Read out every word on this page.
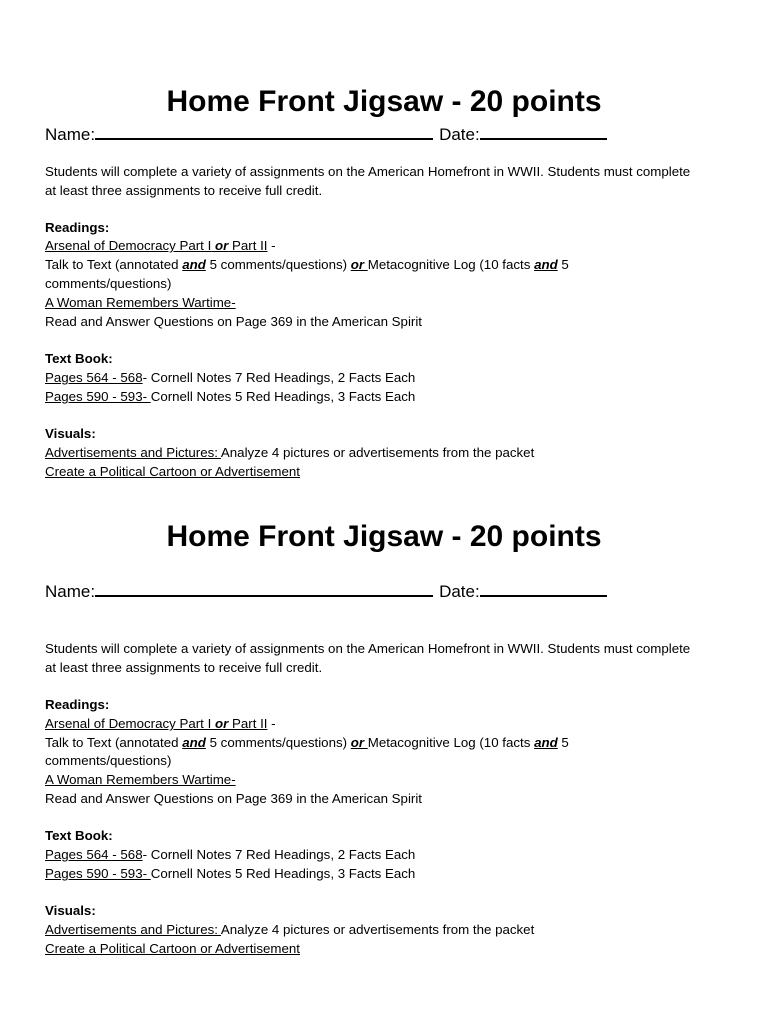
Home Front Jigsaw - 20 points
Name:	Date:
Students will complete a variety of assignments on the American Homefront in WWII. Students must complete
at least three assignments to receive full credit.
Readings:
Arsenal of Democracy Part I or Part II -
Talk to Text (annotated and 5 comments/questions) or Metacognitive Log (10 facts and 5
comments/questions)
A Woman Remembers Wartime-
Read and Answer Questions on Page 369 in the American Spirit
Text Book:
Pages 564 - 568- Cornell Notes 7 Red Headings, 2 Facts Each
Pages 590 - 593- Cornell Notes 5 Red Headings, 3 Facts Each
Visuals:
Advertisements and Pictures: Analyze 4 pictures or advertisements from the packet
Create a Political Cartoon or Advertisement
Home Front Jigsaw - 20 points
Name:	Date:
Students will complete a variety of assignments on the American Homefront in WWII. Students must complete
at least three assignments to receive full credit.
Readings:
Arsenal of Democracy Part I or Part II -
Talk to Text (annotated and 5 comments/questions) or Metacognitive Log (10 facts and 5
comments/questions)
A Woman Remembers Wartime-
Read and Answer Questions on Page 369 in the American Spirit
Text Book:
Pages 564 - 568- Cornell Notes 7 Red Headings, 2 Facts Each
Pages 590 - 593- Cornell Notes 5 Red Headings, 3 Facts Each
Visuals:
Advertisements and Pictures: Analyze 4 pictures or advertisements from the packet
Create a Political Cartoon or Advertisement
